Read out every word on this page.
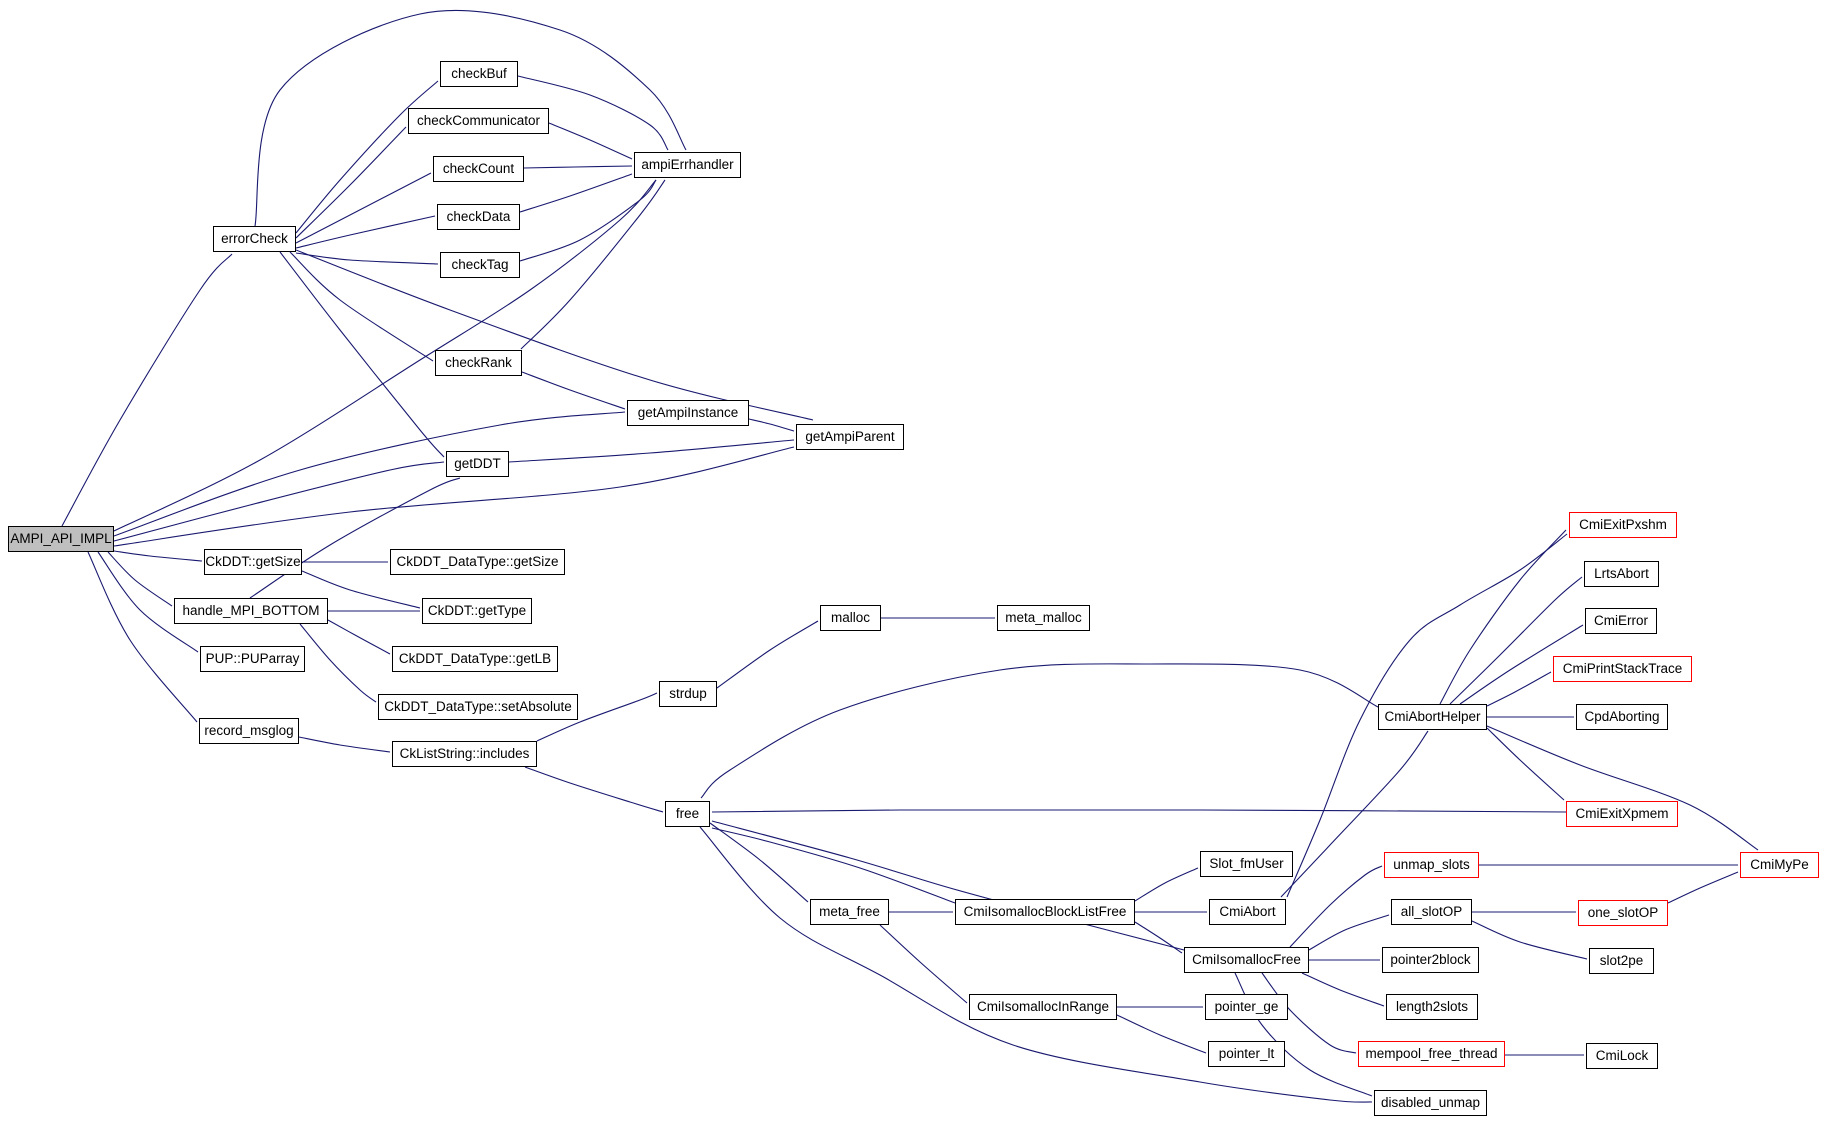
AMPI_API_IMPL
errorCheck
checkBuf
checkCommunicator
checkCount
checkData
checkTag
checkRank
ampiErrhandler
getAmpiInstance
getAmpiParent
getDDT
CkDDT::getSize	CkDDT_DataType::getSize
handle_MPI_BOTTOM	CkDDT::getType
PUP::PUParray	CkDDT_DataType::getLB
CkDDT_DataType::setAbsolute
record_msglog
CkListString::includes
strdup
malloc	meta_malloc
free
meta_free	CmiIsomallocBlockListFree
Slot_fmUser
CmiAbort
CmiIsomallocFree
CmiIsomallocInRange	pointer_ge
pointer_lt
unmap_slots
all_slotOP
pointer2block
length2slots
mempool_free_thread
disabled_unmap
CmiAbortHelper
CmiExitPxshm
LrtsAbort
CmiError
CmiPrintStackTrace
CpdAborting
CmiExitXpmem
CmiMyPe
one_slotOP
slot2pe
CmiLock
